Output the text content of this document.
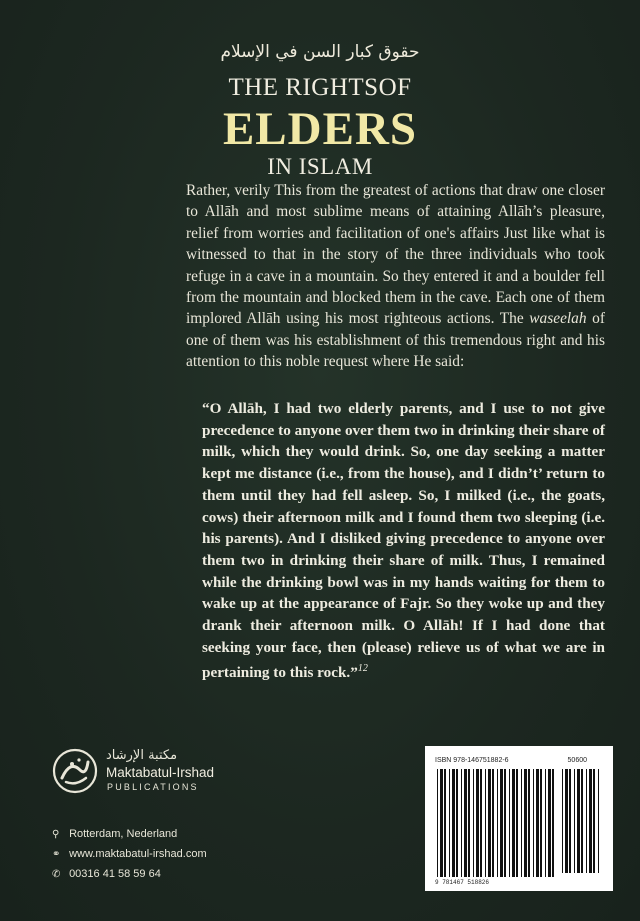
حقوق كبار السن في الإسلام
THE RIGHTSOF
ELDERS
IN ISLAM
Rather, verily This from the greatest of actions that draw one closer to Allāh and most sublime means of attaining Allāh’s pleasure, relief from worries and facilitation of one's affairs Just like what is witnessed to that in the story of the three individuals who took refuge in a cave in a mountain. So they entered it and a boulder fell from the mountain and blocked them in the cave. Each one of them implored Allāh using his most righteous actions. The waseelah of one of them was his establishment of this tremendous right and his attention to this noble request where He said:
“O Allāh, I had two elderly parents, and I use to not give precedence to anyone over them two in drinking their share of milk, which they would drink. So, one day seeking a matter kept me distance (i.e., from the house), and I didn’t’ return to them until they had fell asleep. So, I milked (i.e., the goats, cows) their afternoon milk and I found them two sleeping (i.e. his parents). And I disliked giving precedence to anyone over them two in drinking their share of milk. Thus, I remained while the drinking bowl was in my hands waiting for them to wake up at the appearance of Fajr. So they woke up and they drank their afternoon milk. O Allāh! If I had done that seeking your face, then (please) relieve us of what we are in pertaining to this rock.”$^{12}$
مكتبة الإرشاد
Maktabatul-Irshad
PUBLICATIONS
⚲ Rotterdam, Nederland
⚭ www.maktabatul-irshad.com
✆ 00316 41 58 59 64
ISBN 978-146751882-6	50600
9 781467 518826
